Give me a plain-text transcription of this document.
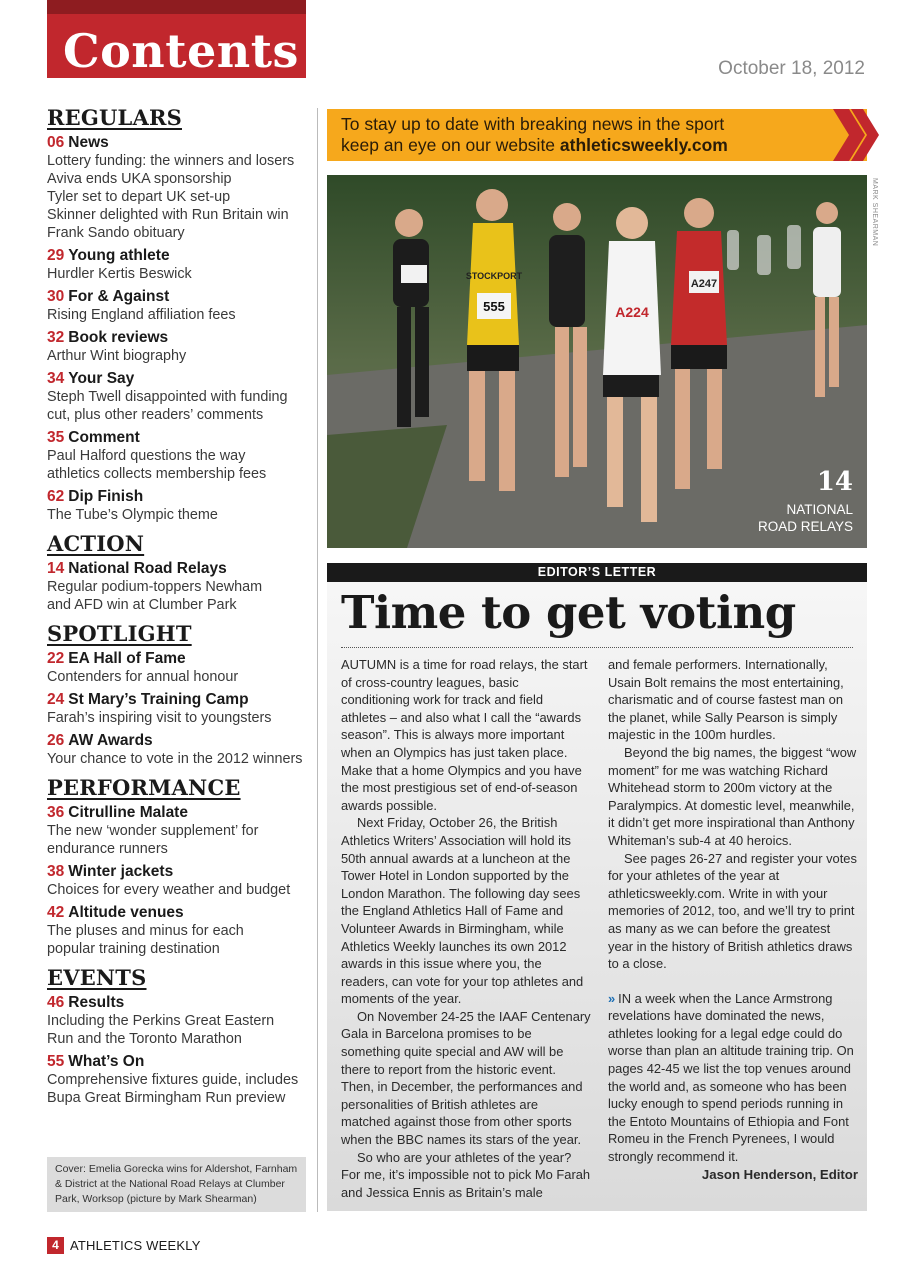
Contents	October 18, 2012
REGULARS
06 News
Lottery funding: the winners and losers
Aviva ends UKA sponsorship
Tyler set to depart UK set-up
Skinner delighted with Run Britain win
Frank Sando obituary
29 Young athlete
Hurdler Kertis Beswick
30 For & Against
Rising England affiliation fees
32 Book reviews
Arthur Wint biography
34 Your Say
Steph Twell disappointed with funding
cut, plus other readers’ comments
35 Comment
Paul Halford questions the way
athletics collects membership fees
62 Dip Finish
The Tube’s Olympic theme
ACTION
14 National Road Relays
Regular podium-toppers Newham
and AFD win at Clumber Park
SPOTLIGHT
22 EA Hall of Fame
Contenders for annual honour
24 St Mary’s Training Camp
Farah’s inspiring visit to youngsters
26 AW Awards
Your chance to vote in the 2012 winners
PERFORMANCE
36 Citrulline Malate
The new ‘wonder supplement’ for
endurance runners
38 Winter jackets
Choices for every weather and budget
42 Altitude venues
The pluses and minus for each
popular training destination
EVENTS
46 Results
Including the Perkins Great Eastern
Run and the Toronto Marathon
55 What’s On
Comprehensive fixtures guide, includes
Bupa Great Birmingham Run preview
Cover: Emelia Gorecka wins for Aldershot, Farnham
& District at the National Road Relays at Clumber
Park, Worksop (picture by Mark Shearman)
To stay up to date with breaking news in the sport
keep an eye on our website athleticsweekly.com
STOCKPORT
555	A224
A247
14
NATIONAL
ROAD RELAYS
MARK SHEARMAN
EDITOR’S LETTER
Time to get voting

AUTUMN is a time for road relays, the start of cross-country leagues, basic conditioning work for track and field athletes – and also what I call the “awards season”. This is always more important when an Olympics has just taken place. Make that a home Olympics and you have the most prestigious set of end-of-season awards possible.

Next Friday, October 26, the British Athletics Writers’ Association will hold its 50th annual awards at a luncheon at the Tower Hotel in London supported by the London Marathon. The following day sees the England Athletics Hall of Fame and Volunteer Awards in Birmingham, while Athletics Weekly launches its own 2012 awards in this issue where you, the readers, can vote for your top athletes and moments of the year.

On November 24-25 the IAAF Centenary Gala in Barcelona promises to be something quite special and AW will be there to report from the historic event. Then, in December, the performances and personalities of British athletes are matched against those from other sports when the BBC names its stars of the year.

So who are your athletes of the year? For me, it’s impossible not to pick Mo Farah and Jessica Ennis as Britain’s male

and female performers. Internationally, Usain Bolt remains the most entertaining, charismatic and of course fastest man on the planet, while Sally Pearson is simply majestic in the 100m hurdles.

Beyond the big names, the biggest “wow moment” for me was watching Richard Whitehead storm to 200m victory at the Paralympics. At domestic level, meanwhile, it didn’t get more inspirational than Anthony Whiteman’s sub-4 at 40 heroics.

See pages 26-27 and register your votes for your athletes of the year at athleticsweekly.com. Write in with your memories of 2012, too, and we’ll try to print as many as we can before the greatest year in the history of British athletics draws to a close.

» IN a week when the Lance Armstrong revelations have dominated the news, athletes looking for a legal edge could do worse than plan an altitude training trip. On pages 42-45 we list the top venues around the world and, as someone who has been lucky enough to spend periods running in the Entoto Mountains of Ethiopia and Font Romeu in the French Pyrenees, I would strongly recommend it.

Jason Henderson, Editor
4 ATHLETICS WEEKLY
